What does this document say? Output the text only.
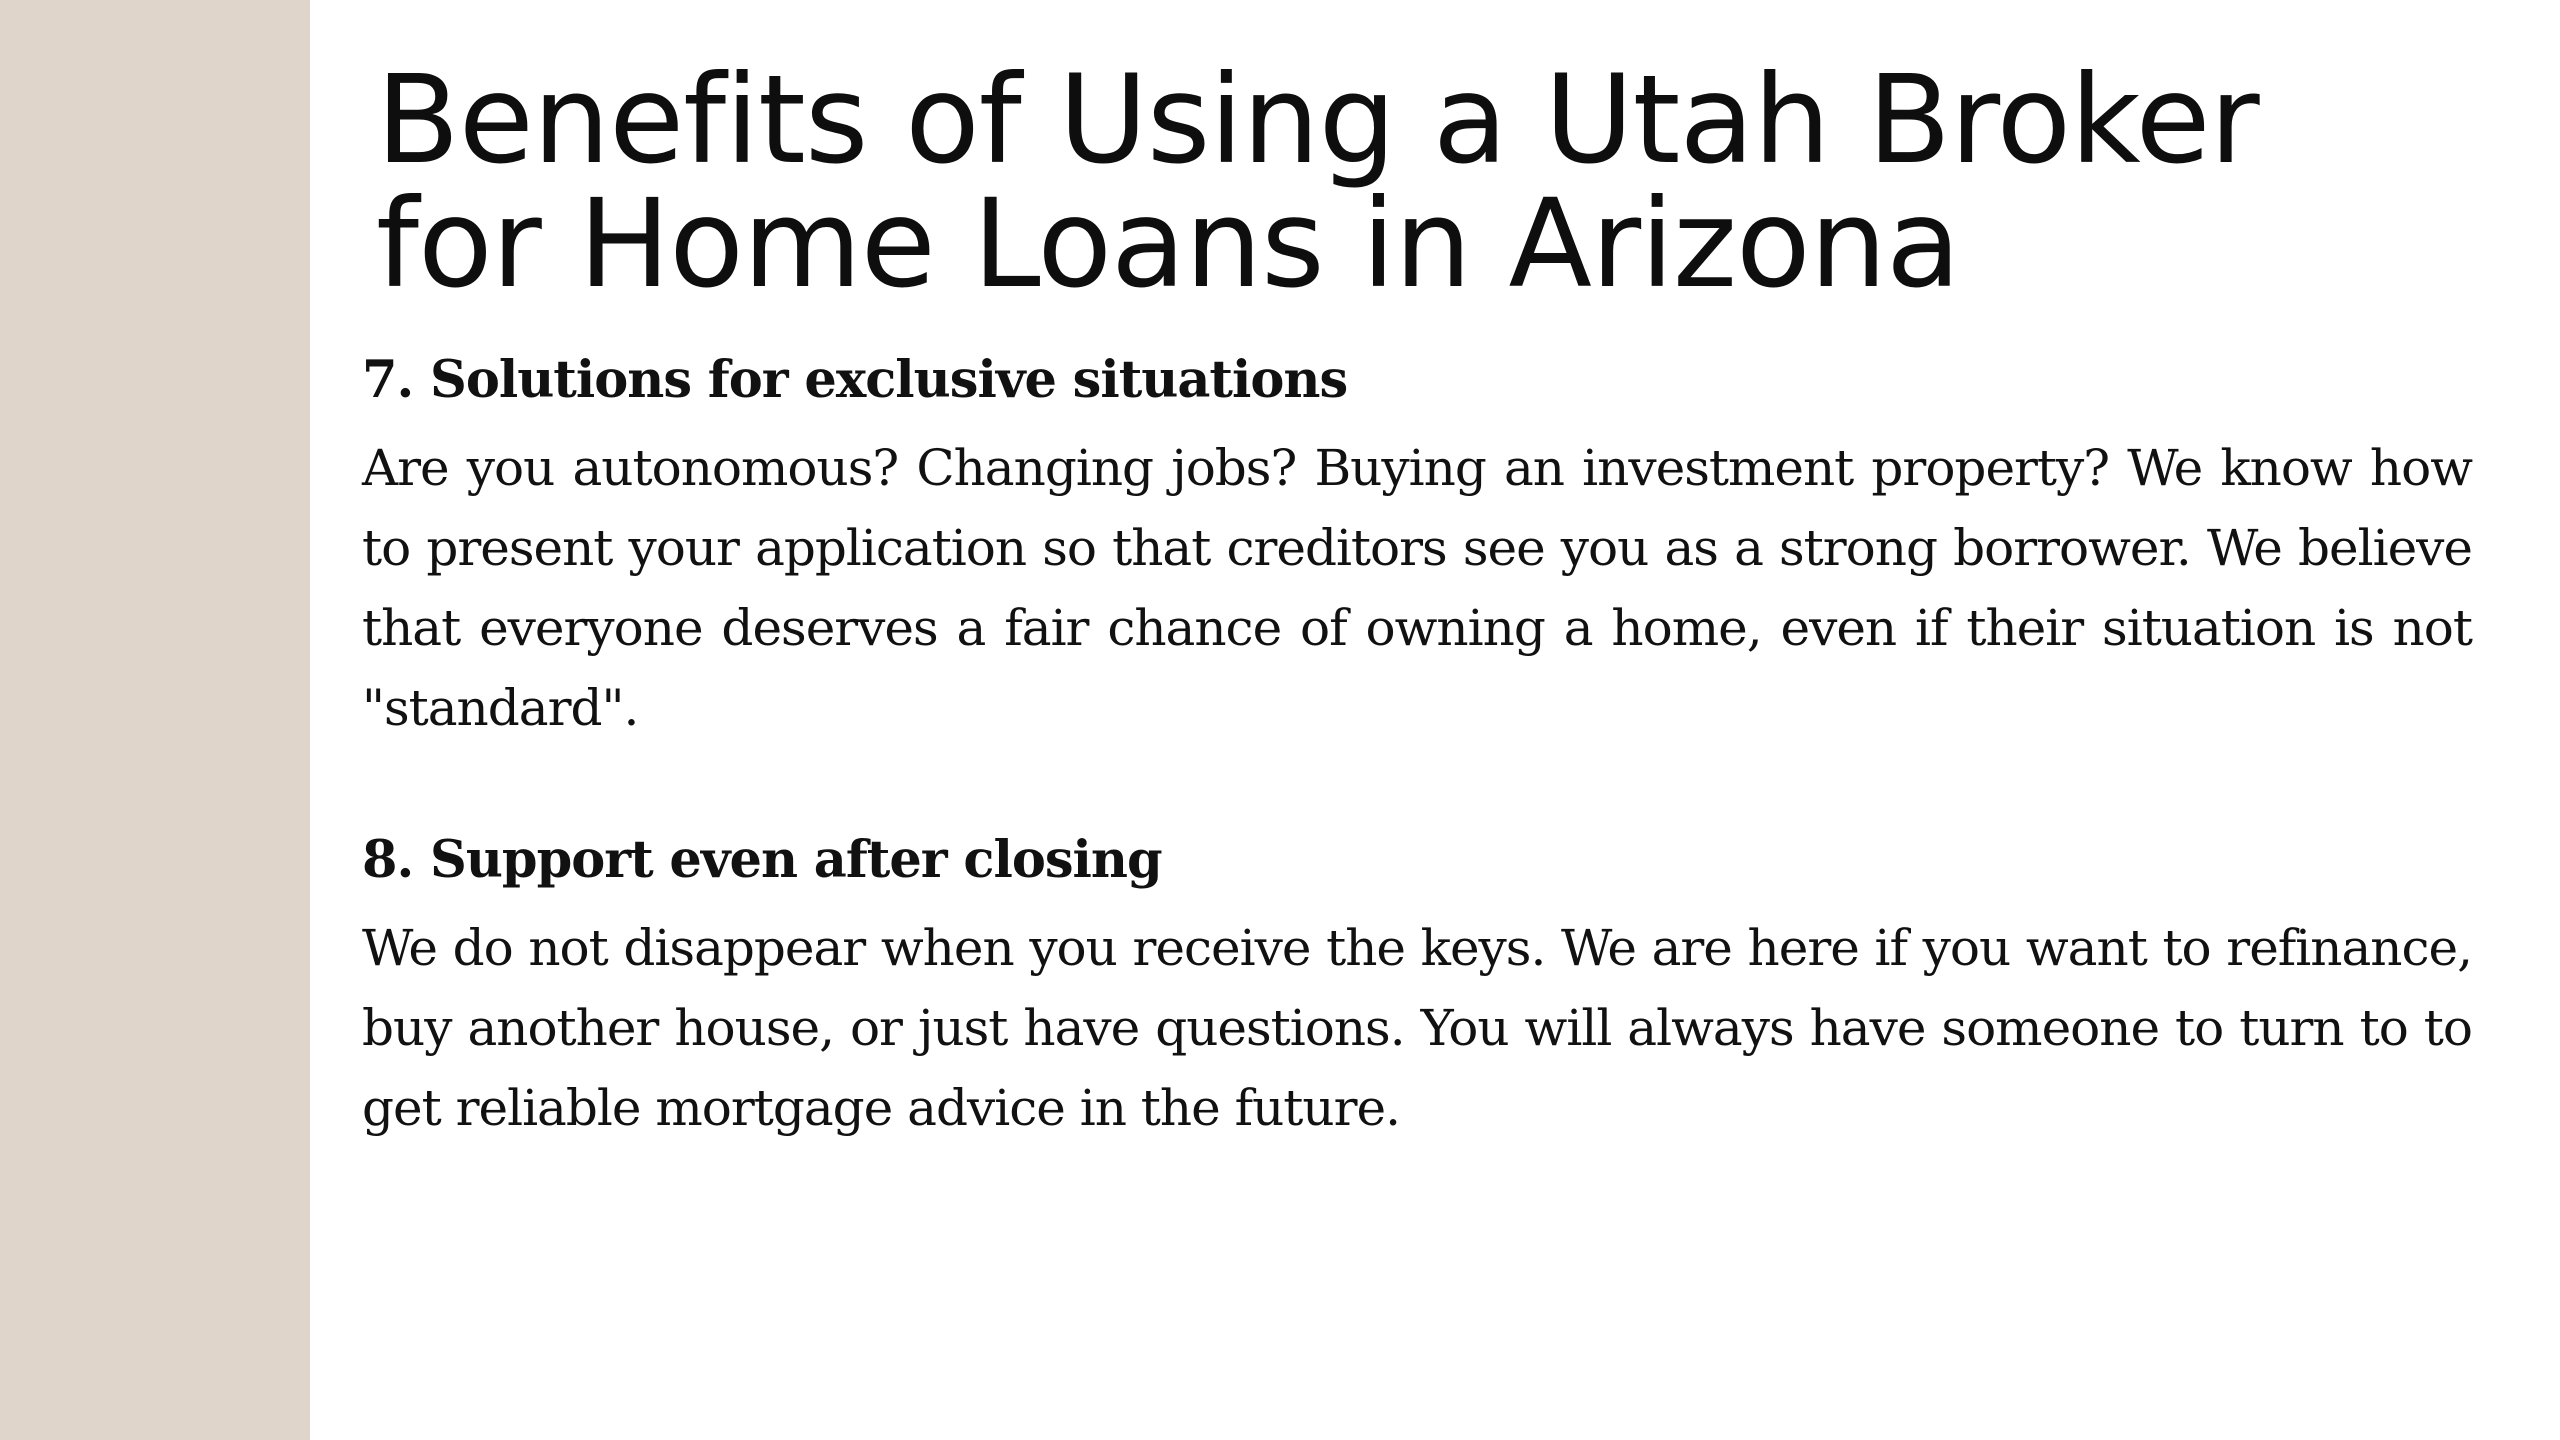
Benefits of Using a Utah Broker
for Home Loans in Arizona
7. Solutions for exclusive situations

Are you autonomous? Changing jobs? Buying an investment property? We know how to present your application so that creditors see you as a strong borrower. We believe that everyone deserves a fair chance of owning a home, even if their situation is not "standard".

8. Support even after closing

We do not disappear when you receive the keys. We are here if you want to refinance, buy another house, or just have questions. You will always have someone to turn to to get reliable mortgage advice in the future.
